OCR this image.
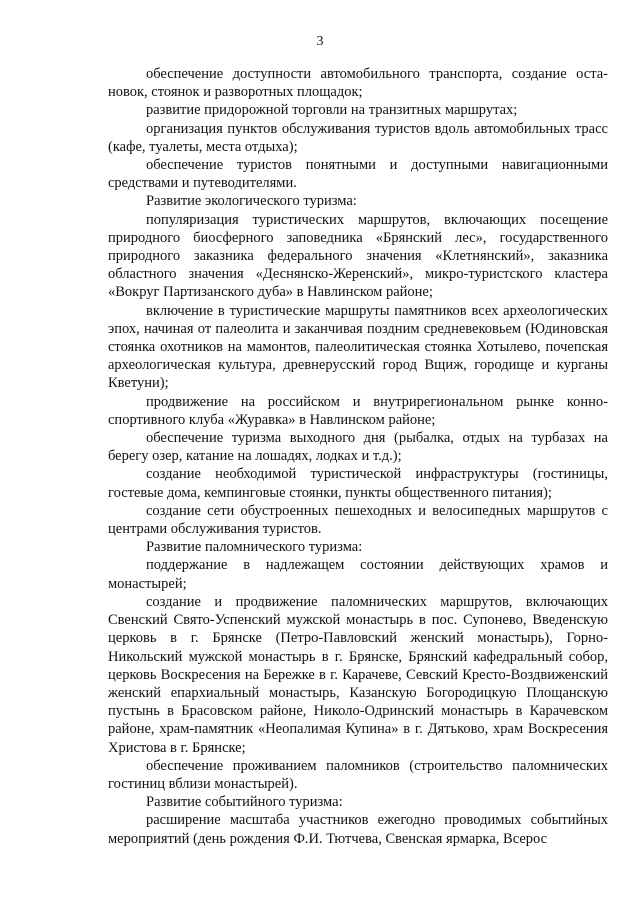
3

обеспечение доступности автомобильного транспорта, создание остановок, стоянок и разворотных площадок;

развитие придорожной торговли на транзитных маршрутах;

организация пунктов обслуживания туристов вдоль автомобильных трасс (кафе, туалеты, места отдыха);

обеспечение туристов понятными и доступными навигационными средствами и путеводителями.

Развитие экологического туризма:

популяризация туристических маршрутов, включающих посещение природного биосферного заповедника «Брянский лес», государственного природного заказника федерального значения «Клетнянский», заказника областного значения «Деснянско-Жеренский», микро-туристского кластера «Вокруг Партизанского дуба» в Навлинском районе;

включение в туристические маршруты памятников всех археологических эпох, начиная от палеолита и заканчивая поздним средневековьем (Юдиновская стоянка охотников на мамонтов, палеолитическая стоянка Хотылево, почепская археологическая культура, древнерусский город Вщиж, городище и курганы Кветуни);

продвижение на российском и внутрирегиональном рынке конноспортивного клуба «Журавка» в Навлинском районе;

обеспечение туризма выходного дня (рыбалка, отдых на турбазах на берегу озер, катание на лошадях, лодках и т.д.);

создание необходимой туристической инфраструктуры (гостиницы, гостевые дома, кемпинговые стоянки, пункты общественного питания);

создание сети обустроенных пешеходных и велосипедных маршрутов с центрами обслуживания туристов.

Развитие паломнического туризма:

поддержание в надлежащем состоянии действующих храмов и монастырей;

создание и продвижение паломнических маршрутов, включающих Свенский Свято-Успенский мужской монастырь в пос. Супонево, Введенскую церковь в г. Брянске (Петро-Павловский женский монастырь), Горно-Никольский мужской монастырь в г. Брянске, Брянский кафедральный собор, церковь Воскресения на Бережке в г. Карачеве, Севский Кресто-Воздвиженский женский епархиальный монастырь, Казанскую Богородицкую Площанскую пустынь в Брасовском районе, Николо-Одринский монастырь в Карачевском районе, храм-памятник «Неопалимая Купина» в г. Дятьково, храм Воскресения Христова в г. Брянске;

обеспечение проживанием паломников (строительство паломнических гостиниц вблизи монастырей).

Развитие событийного туризма:

расширение масштаба участников ежегодно проводимых событийных мероприятий (день рождения Ф.И. Тютчева, Свенская ярмарка, Всерос
